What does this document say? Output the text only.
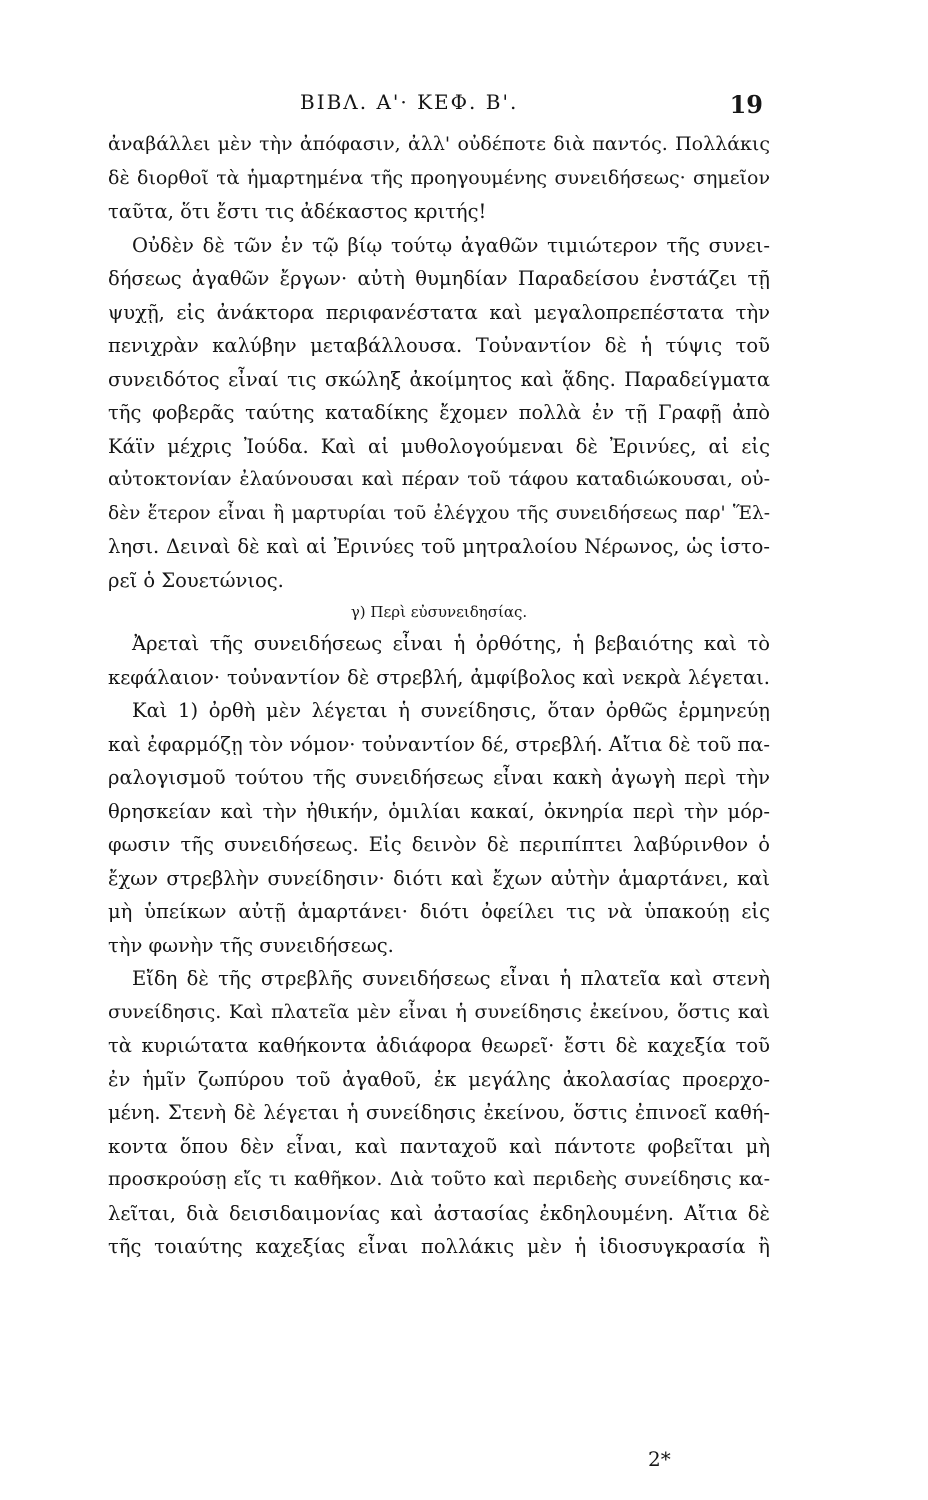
ΒΙΒΛ. Α'· ΚΕΦ. Β'.	19
ἀναβάλλει μὲν τὴν ἀπόφασιν, ἀλλ' οὐδέποτε διὰ παντός. Πολλάκις
δὲ διορθοῖ τὰ ἡμαρτημένα τῆς προηγουμένης συνειδήσεως· σημεῖον
ταῦτα, ὅτι ἔστι τις ἀδέκαστος κριτής!
Οὐδὲν δὲ τῶν ἐν τῷ βίῳ τούτῳ ἀγαθῶν τιμιώτερον τῆς συνει-
δήσεως ἀγαθῶν ἔργων· αὐτὴ θυμηδίαν Παραδείσου ἐνστάζει τῇ
ψυχῇ, εἰς ἀνάκτορα περιφανέστατα καὶ μεγαλοπρεπέστατα τὴν
πενιχρὰν καλύβην μεταβάλλουσα. Τοὐναντίον δὲ ἡ τύψις τοῦ
συνειδότος εἶναί τις σκώληξ ἀκοίμητος καὶ ᾅδης. Παραδείγματα
τῆς φοβερᾶς ταύτης καταδίκης ἔχομεν πολλὰ ἐν τῇ Γραφῇ ἀπὸ
Κάϊν μέχρις Ἰούδα. Καὶ αἱ μυθολογούμεναι δὲ Ἐρινύες, αἱ εἰς
αὐτοκτονίαν ἐλαύνουσαι καὶ πέραν τοῦ τάφου καταδιώκουσαι, οὐ-
δὲν ἕτερον εἶναι ἢ μαρτυρίαι τοῦ ἐλέγχου τῆς συνειδήσεως παρ' Ἕλ-
λησι. Δειναὶ δὲ καὶ αἱ Ἐρινύες τοῦ μητραλοίου Νέρωνος, ὡς ἱστο-
ρεῖ ὁ Σουετώνιος.
γ) Περὶ εὐσυνειδησίας.
Ἀρεταὶ τῆς συνειδήσεως εἶναι ἡ ὀρθότης, ἡ βεβαιότης καὶ τὸ
κεφάλαιον· τοὐναντίον δὲ στρεβλή, ἀμφίβολος καὶ νεκρὰ λέγεται.
Καὶ 1) ὀρθὴ μὲν λέγεται ἡ συνείδησις, ὅταν ὀρθῶς ἑρμηνεύῃ
καὶ ἐφαρμόζῃ τὸν νόμον· τοὐναντίον δέ, στρεβλή. Αἴτια δὲ τοῦ πα-
ραλογισμοῦ τούτου τῆς συνειδήσεως εἶναι κακὴ ἀγωγὴ περὶ τὴν
θρησκείαν καὶ τὴν ἠθικήν, ὁμιλίαι κακαί, ὀκνηρία περὶ τὴν μόρ-
φωσιν τῆς συνειδήσεως. Εἰς δεινὸν δὲ περιπίπτει λαβύρινθον ὁ
ἔχων στρεβλὴν συνείδησιν· διότι καὶ ἔχων αὐτὴν ἁμαρτάνει, καὶ
μὴ ὑπείκων αὐτῇ ἁμαρτάνει· διότι ὀφείλει τις νὰ ὑπακούῃ εἰς
τὴν φωνὴν τῆς συνειδήσεως.
Εἴδη δὲ τῆς στρεβλῆς συνειδήσεως εἶναι ἡ πλατεῖα καὶ στενὴ
συνείδησις. Καὶ πλατεῖα μὲν εἶναι ἡ συνείδησις ἐκείνου, ὅστις καὶ
τὰ κυριώτατα καθήκοντα ἀδιάφορα θεωρεῖ· ἔστι δὲ καχεξία τοῦ
ἐν ἡμῖν ζωπύρου τοῦ ἀγαθοῦ, ἐκ μεγάλης ἀκολασίας προερχο-
μένη. Στενὴ δὲ λέγεται ἡ συνείδησις ἐκείνου, ὅστις ἐπινοεῖ καθή-
κοντα ὅπου δὲν εἶναι, καὶ πανταχοῦ καὶ πάντοτε φοβεῖται μὴ
προσκρούσῃ εἴς τι καθῆκον. Διὰ τοῦτο καὶ περιδεὴς συνείδησις κα-
λεῖται, διὰ δεισιδαιμονίας καὶ ἀστασίας ἐκδηλουμένη. Αἴτια δὲ
τῆς τοιαύτης καχεξίας εἶναι πολλάκις μὲν ἡ ἰδιοσυγκρασία ἢ
2*
